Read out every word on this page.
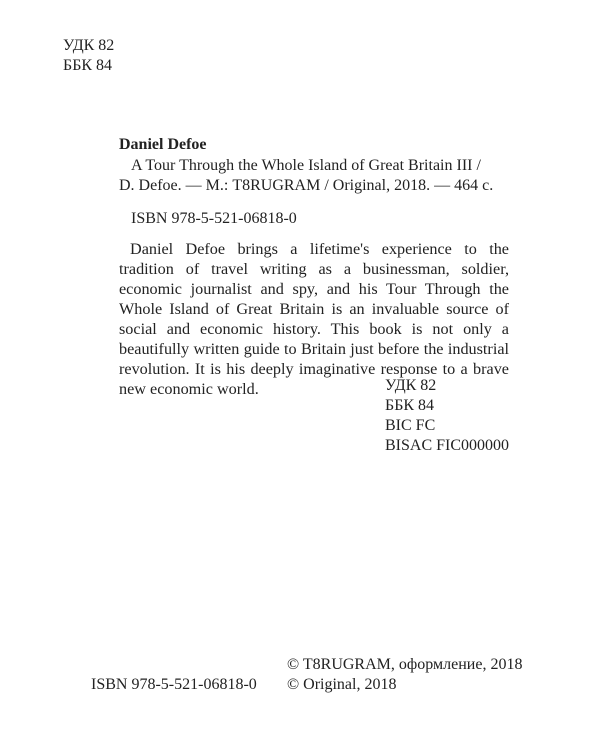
УДК 82
ББК 84
Daniel Defoe
A Tour Through the Whole Island of Great Britain III /
D. Defoe. — М.: T8RUGRAM / Original, 2018. — 464 с.
ISBN 978-5-521-06818-0

Daniel Defoe brings a lifetime's experience to the tradition of travel writing as a businessman, soldier, economic journalist and spy, and his Tour Through the Whole Island of Great Britain is an invaluable source of social and economic history. This book is not only a beautifully written guide to Britain just before the industrial revolution. It is his deeply imaginative response to a brave new economic world.	УДК 82
ББК 84
BIC FC
BISAC FIC000000
ISBN 978-5-521-06818-0
© T8RUGRAM, оформление, 2018
© Original, 2018
